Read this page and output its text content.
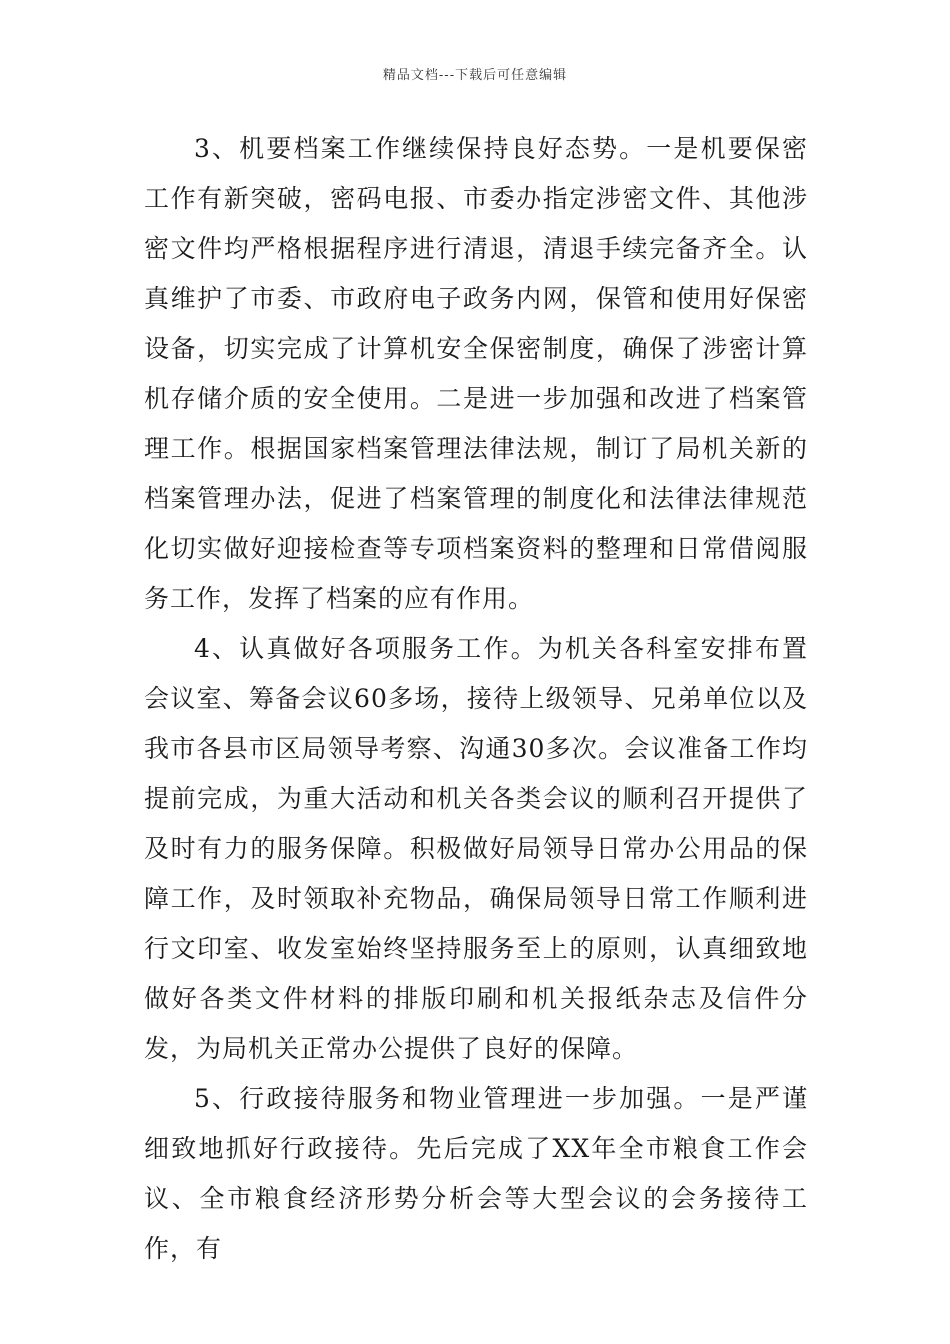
精品文档---下载后可任意编辑

3、机要档案工作继续保持良好态势。一是机要保密工作有新突破，密码电报、市委办指定涉密文件、其他涉密文件均严格根据程序进行清退，清退手续完备齐全。认真维护了市委、市政府电子政务内网，保管和使用好保密设备，切实完成了计算机安全保密制度，确保了涉密计算机存储介质的安全使用。二是进一步加强和改进了档案管理工作。根据国家档案管理法律法规，制订了局机关新的档案管理办法，促进了档案管理的制度化和法律法律规范化切实做好迎接检查等专项档案资料的整理和日常借阅服务工作，发挥了档案的应有作用。

4、认真做好各项服务工作。为机关各科室安排布置会议室、筹备会议60多场，接待上级领导、兄弟单位以及我市各县市区局领导考察、沟通30多次。会议准备工作均提前完成，为重大活动和机关各类会议的顺利召开提供了及时有力的服务保障。积极做好局领导日常办公用品的保障工作，及时领取补充物品，确保局领导日常工作顺利进行文印室、收发室始终坚持服务至上的原则，认真细致地做好各类文件材料的排版印刷和机关报纸杂志及信件分发，为局机关正常办公提供了良好的保障。

5、行政接待服务和物业管理进一步加强。一是严谨细致地抓好行政接待。先后完成了XX年全市粮食工作会议、全市粮食经济形势分析会等大型会议的会务接待工作，有
